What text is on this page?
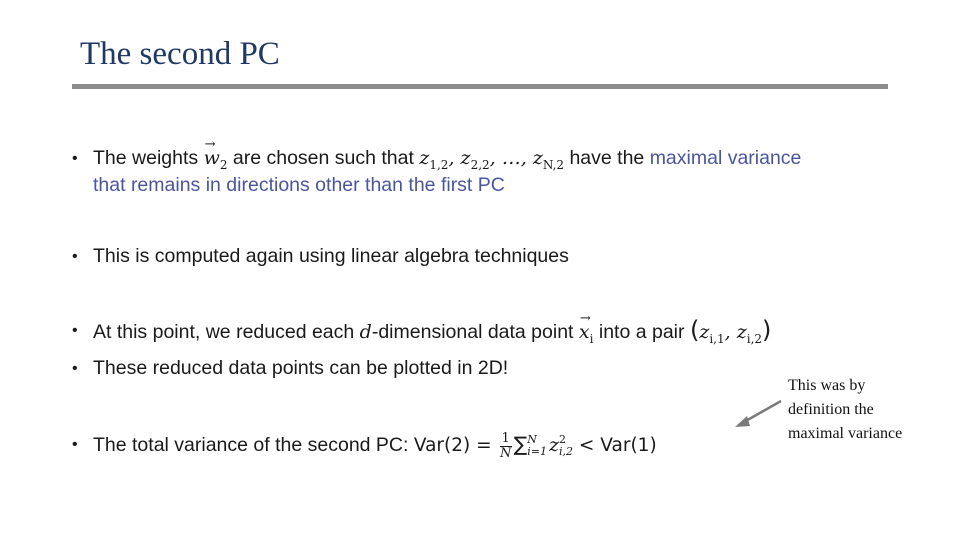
The second PC
• The weights → $w_2$ are chosen such that $z_{1,2}$, $z_{2,2}$, …, $z_{N,2}$ have the maximal variance
that remains in directions other than the first PC
• This is computed again using linear algebra techniques
• At this point, we reduced each d-dimensional data point → $x_i$ into a pair ($z_{i,1}$, $z_{i,2}$)
• These reduced data points can be plotted in 2D!
• The total variance of the second PC: $Var(2) = \frac{1}{N}$ ∑ N
i=1 z 2
i,2 < Var(1)
This was by
definition the
maximal variance
